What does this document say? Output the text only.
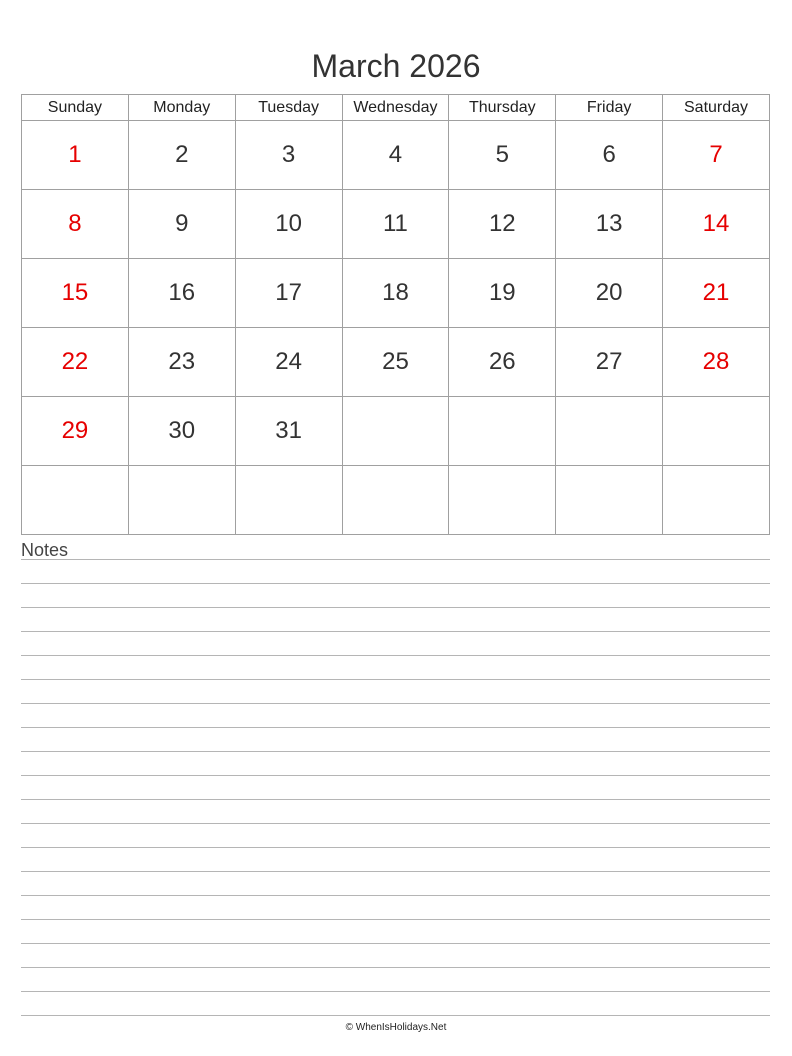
March 2026
Sunday	Monday	Tuesday	Wednesday	Thursday	Friday	Saturday
1	2	3	4	5	6	7
8	9	10	11	12	13	14
15	16	17	18	19	20	21
22	23	24	25	26	27	28
29	30	31				

Notes
© WhenIsHolidays.Net
